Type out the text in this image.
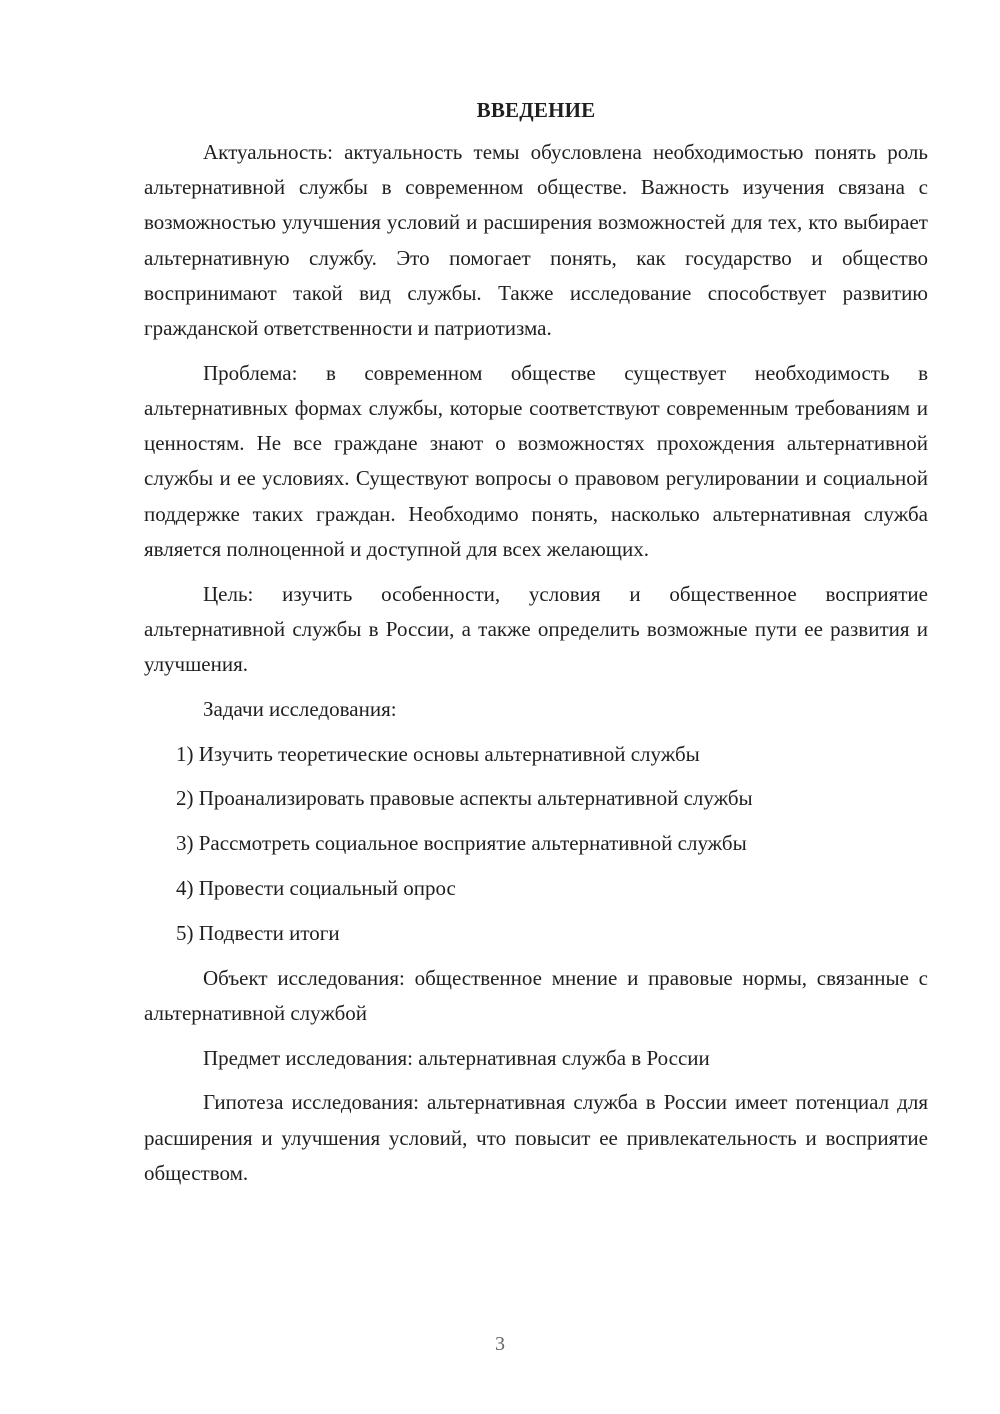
ВВЕДЕНИЕ

Актуальность: актуальность темы обусловлена необходимостью понять роль альтернативной службы в современном обществе. Важность изучения связана с возможностью улучшения условий и расширения возможностей для тех, кто выбирает альтернативную службу. Это помогает понять, как государство и общество воспринимают такой вид службы. Также исследование способствует развитию гражданской ответственности и патриотизма.

Проблема: в современном обществе существует необходимость в альтернативных формах службы, которые соответствуют современным требованиям и ценностям. Не все граждане знают о возможностях прохождения альтернативной службы и ее условиях. Существуют вопросы о правовом регулировании и социальной поддержке таких граждан. Необходимо понять, насколько альтернативная служба является полноценной и доступной для всех желающих.

Цель: изучить особенности, условия и общественное восприятие альтернативной службы в России, а также определить возможные пути ее развития и улучшения.

Задачи исследования:

1) Изучить теоретические основы альтернативной службы
2) Проанализировать правовые аспекты альтернативной службы
3) Рассмотреть социальное восприятие альтернативной службы
4) Провести социальный опрос
5) Подвести итоги

Объект исследования: общественное мнение и правовые нормы, связанные с альтернативной службой

Предмет исследования: альтернативная служба в России

Гипотеза исследования: альтернативная служба в России имеет потенциал для расширения и улучшения условий, что повысит ее привлекательность и восприятие обществом.

3
